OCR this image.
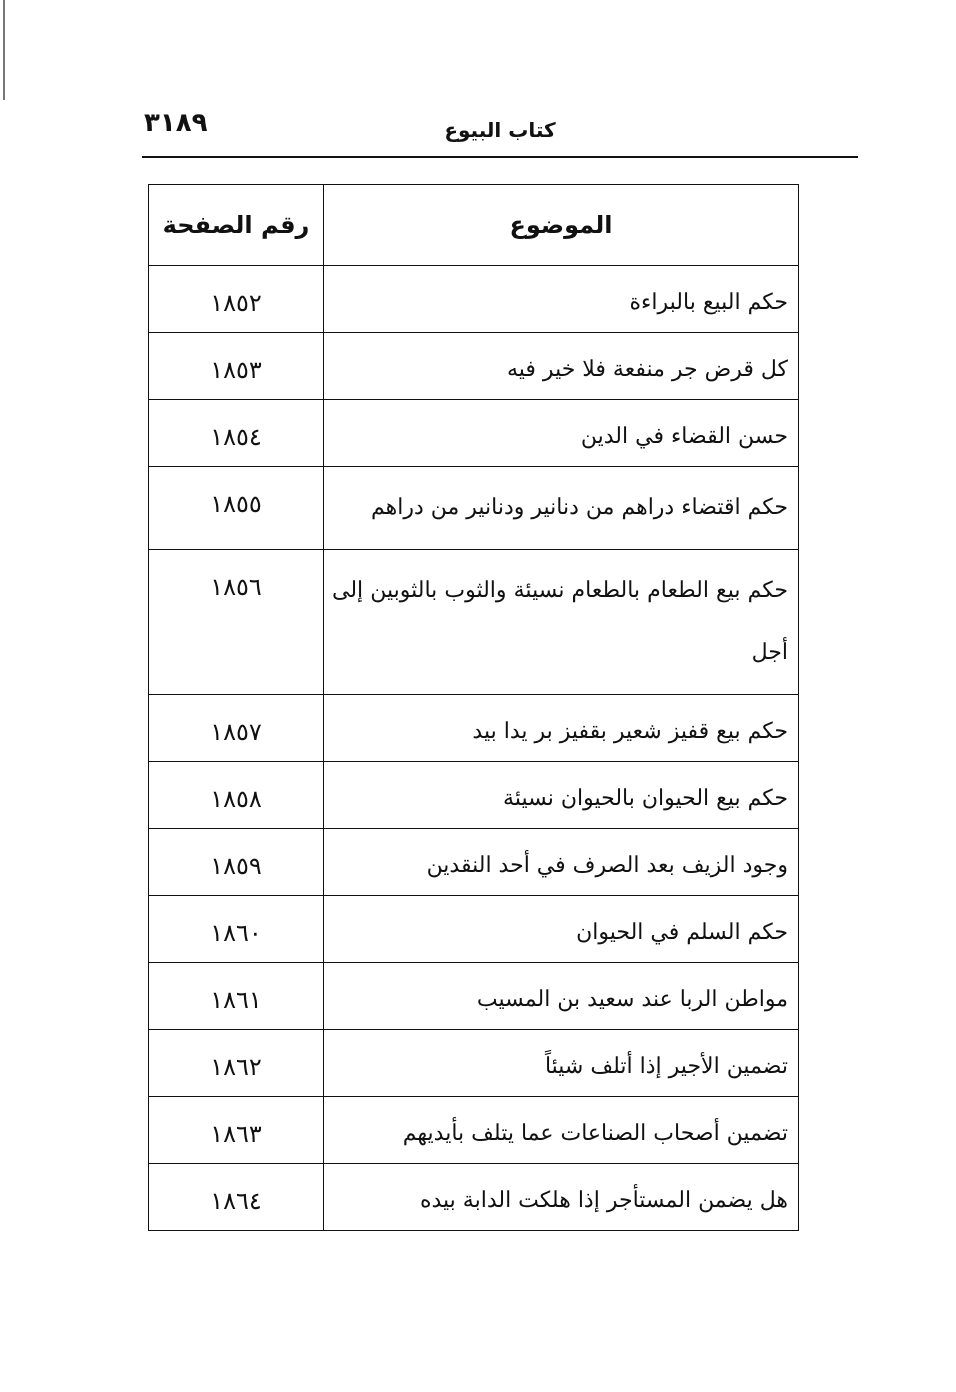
٣١٨٩	كتاب البيوع
الموضوع	رقم الصفحة
حكم البيع بالبراءة	١٨٥٢
كل قرض جر منفعة فلا خير فيه	١٨٥٣
حسن القضاء في الدين	١٨٥٤
حكم اقتضاء دراهم من دنانير ودنانير من دراهم	١٨٥٥
حكم بيع الطعام بالطعام نسيئة والثوب بالثوبين إلى أجل	١٨٥٦
حكم بيع قفيز شعير بقفيز بر يدا بيد	١٨٥٧
حكم بيع الحيوان بالحيوان نسيئة	١٨٥٨
وجود الزيف بعد الصرف في أحد النقدين	١٨٥٩
حكم السلم في الحيوان	١٨٦٠
مواطن الربا عند سعيد بن المسيب	١٨٦١
تضمين الأجير إذا أتلف شيئاً	١٨٦٢
تضمين أصحاب الصناعات عما يتلف بأيديهم	١٨٦٣
هل يضمن المستأجر إذا هلكت الدابة بيده	١٨٦٤
